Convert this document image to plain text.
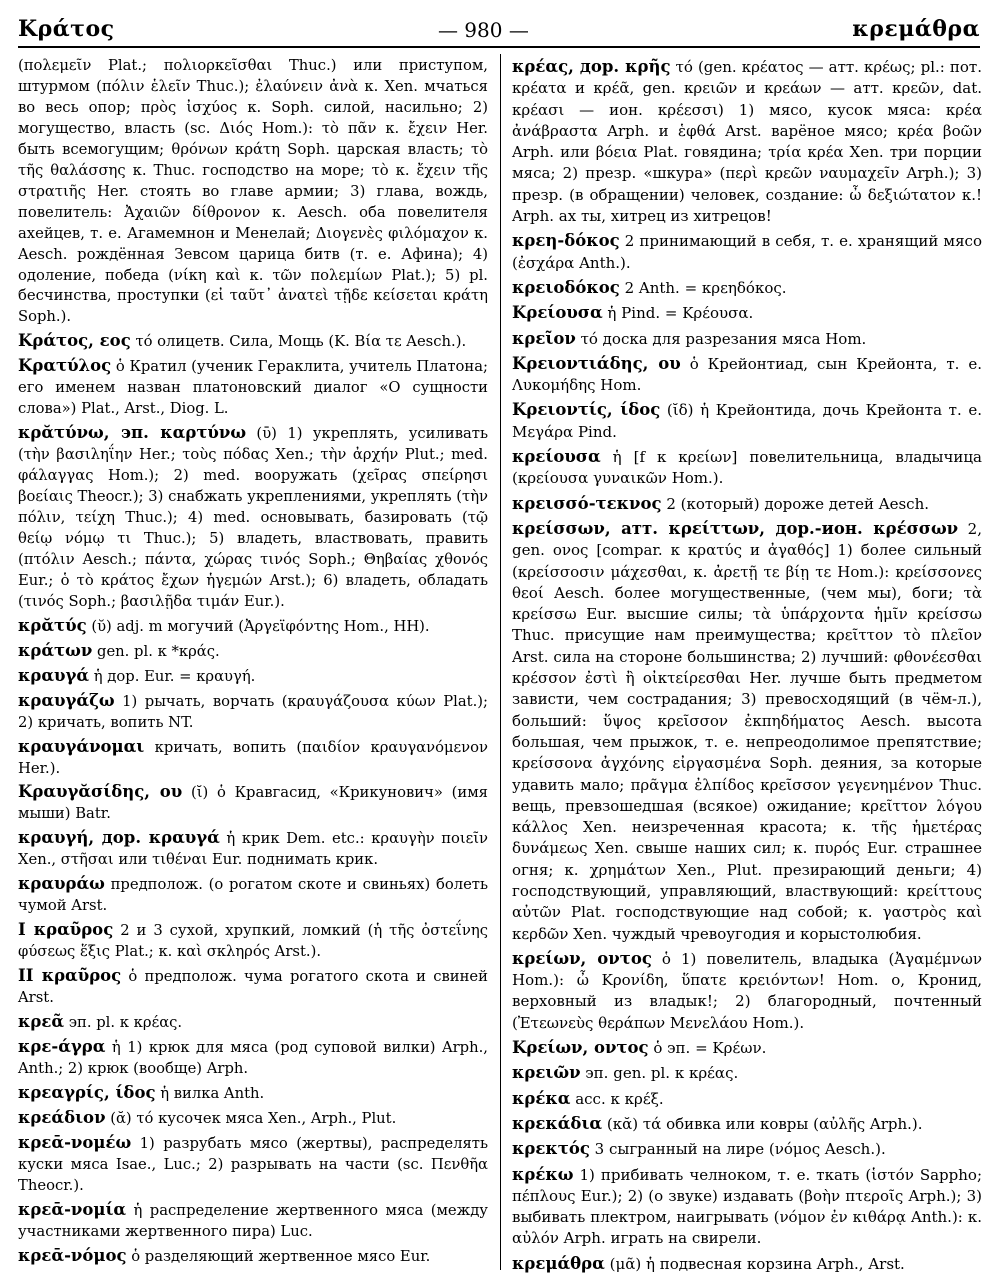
Κράτος	— 980 —	κρεμάθρα

(πολεμεῖν Plat.; πολιορκεῖσθαι Thuc.) или приступом, штурмом (πόλιν ἑλεῖν Thuc.); ἐλαύνειν ἀνὰ κ. Xen. мчаться во весь опор; πρὸς ἰσχύος κ. Soph. силой, насильно; 2) могущество, власть (sc. Διός Hom.): τὸ πᾶν κ. ἔχειν Her. быть всемогущим; θρόνων κράτη Soph. царская власть; τὸ τῆς θαλάσσης κ. Thuc. господство на море; τὸ κ. ἔχειν τῆς στρατιῆς Her. стоять во главе армии; 3) глава, вождь, повелитель: Ἀχαιῶν δίθρονον κ. Aesch. оба повелителя ахейцев, т. е. Агамемнон и Менелай; Διογενὲς φιλόμαχον κ. Aesch. рождённая Зевсом царица битв (т. е. Афина); 4) одоление, победа (νίκη καὶ κ. τῶν πολεμίων Plat.); 5) pl. бесчинства, проступки (εἰ ταῦτ᾽ ἀνατεὶ τῇδε κείσεται κράτη Soph.).

Κράτος, εος τό олицетв. Сила, Мощь (Κ. Βία τε Aesch.).

Κρατύλος ὁ Кратил (ученик Гераклита, учитель Платона; его именем назван платоновский диалог «О сущности слова») Plat., Arst., Diog. L.

κρᾰτύνω, эп. καρτύνω (ῡ) 1) укреплять, усиливать (τὴν βασιληΐην Her.; τοὺς πόδας Xen.; τὴν ἀρχήν Plut.; med. φάλαγγας Hom.); 2) med. вооружать (χεῖρας σπείρησι βοείαις Theocr.); 3) снабжать укреплениями, укреплять (τὴν πόλιν, τείχη Thuc.); 4) med. основывать, базировать (τῷ θείῳ νόμῳ τι Thuc.); 5) владеть, властвовать, править (πτόλιν Aesch.; πάντα, χώρας τινός Soph.; Θηβαίας χθονός Eur.; ὁ τὸ κράτος ἔχων ἡγεμών Arst.); 6) владеть, обладать (τινός Soph.; βασιλῇδα τιμάν Eur.).

κρᾰτύς (ῠ) adj. m могучий (Ἀργεϊφόντης Hom., HH).

κράτων gen. pl. к *κράς.

κραυγά ἡ дор. Eur. = κραυγή.

κραυγάζω 1) рычать, ворчать (κραυγάζουσα κύων Plat.); 2) кричать, вопить NT.

κραυγάνομαι кричать, вопить (παιδίον κραυγανόμενον Her.).

Κραυγᾰσίδης, ου (ῐ) ὁ Кравгасид, «Крикунович» (имя мыши) Batr.

κραυγή, дор. κραυγά ἡ крик Dem. etc.: κραυγὴν ποιεῖν Xen., στῆσαι или τιθέναι Eur. поднимать крик.

κραυράω предполож. (о рогатом скоте и свиньях) болеть чумой Arst.

I κραῦρος 2 и 3 сухой, хрупкий, ломкий (ἡ τῆς ὀστεΐνης φύσεως ἕξις Plat.; κ. καὶ σκληρός Arst.).

II κραῦρος ὁ предполож. чума рогатого скота и свиней Arst.

κρεᾶ эп. pl. к κρέας.

κρε-άγρα ἡ 1) крюк для мяса (род суповой вилки) Arph., Anth.; 2) крюк (вообще) Arph.

κρεαγρίς, ίδος ἡ вилка Anth.

κρεάδιον (ᾰ) τό кусочек мяса Xen., Arph., Plut.

κρεᾱ-νομέω 1) разрубать мясо (жертвы), распределять куски мяса Isae., Luc.; 2) разрывать на части (sc. Πενθῆα Theocr.).

κρεᾱ-νομία ἡ распределение жертвенного мяса (между участниками жертвенного пира) Luc.

κρεᾱ-νόμος ὁ разделяющий жертвенное мясо Eur.

κρέας, дор. κρῆς τό (gen. κρέατος — атт. κρέως; pl.: пот. κρέατα и κρέᾶ, gen. κρειῶν и κρεάων — атт. κρεῶν, dat. κρέασι — ион. κρέεσσι) 1) мясо, кусок мяса: κρέα ἀνάβραστα Arph. и ἑφθά Arst. варёное мясо; κρέα βοῶν Arph. или βόεια Plat. говядина; τρία κρέα Xen. три порции мяса; 2) презр. «шкура» (περὶ κρεῶν ναυμαχεῖν Arph.); 3) презр. (в обращении) человек, создание: ὦ δεξιώτατον κ.! Arph. ах ты, хитрец из хитрецов!

κρεη-δόκος 2 принимающий в себя, т. е. хранящий мясо (ἐσχάρα Anth.).

κρειοδόκος 2 Anth. = κρεηδόκος.

Κρείουσα ἡ Pind. = Κρέουσα.

κρεῖον τό доска для разрезания мяса Hom.

Κρειοντιάδης, ου ὁ Крейонтиад, сын Крейонта, т. е. Λυκομήδης Hom.

Κρειοντίς, ίδος (ῐδ) ἡ Крейонтида, дочь Крейонта т. е. Μεγάρα Pind.

κρείουσα ἡ [f к κρείων] повелительница, владычица (κρείουσα γυναικῶν Hom.).

κρεισσό-τεκνος 2 (который) дороже детей Aesch.

κρείσσων, атт. κρείττων, дор.-ион. κρέσσων 2, gen. ονος [compar. к κρατύς и ἀγαθός] 1) более сильный (κρείσσοσιν μάχεσθαι, κ. ἀρετῇ τε βίῃ τε Hom.): κρείσσονες θεοί Aesch. более могущественные, (чем мы), боги; τὰ κρείσσω Eur. высшие силы; τὰ ὑπάρχοντα ἡμῖν κρείσσω Thuc. присущие нам преимущества; κρεῖττον τὸ πλεῖον Arst. сила на стороне большинства; 2) лучший: φθονέεσθαι κρέσσον ἐστὶ ἢ οἰκτείρεσθαι Her. лучше быть предметом зависти, чем сострадания; 3) превосходящий (в чём-л.), больший: ὕψος κρεῖσσον ἐκπηδήματος Aesch. высота большая, чем прыжок, т. е. непреодолимое препятствие; κρείσσονα ἀγχόνης εἰργασμένα Soph. деяния, за которые удавить мало; πρᾶγμα ἐλπίδος κρεῖσσον γεγενημένον Thuc. вещь, превзошедшая (всякое) ожидание; κρεῖττον λόγου κάλλος Xen. неизреченная красота; κ. τῆς ἡμετέρας δυνάμεως Xen. свыше наших сил; κ. πυρός Eur. страшнее огня; κ. χρημάτων Xen., Plut. презирающий деньги; 4) господствующий, управляющий, властвующий: κρείττους αὐτῶν Plat. господствующие над собой; κ. γαστρὸς καὶ κερδῶν Xen. чуждый чревоугодия и корыстолюбия.

κρείων, οντος ὁ 1) повелитель, владыка (Ἀγαμέμνων Hom.): ὦ Κρονίδη, ὕπατε κρειόντων! Hom. о, Кронид, верховный из владык!; 2) благородный, почтенный (Ἐτεωνεὺς θεράπων Μενελάου Hom.).

Κρείων, οντος ὁ эп. = Κρέων.

κρειῶν эп. gen. pl. к κρέας.

κρέκα acc. к κρέξ.

κρεκάδια (κᾰ) τά обивка или ковры (αὐλῆς Arph.).

κρεκτός 3 сыгранный на лире (νόμος Aesch.).

κρέκω 1) прибивать челноком, т. е. ткать (ἱστόν Sappho; πέπλους Eur.); 2) (о звуке) издавать (βοὴν πτεροῖς Arph.); 3) выбивать плектром, наигрывать (νόμον ἐν κιθάρᾳ Anth.): κ. αὐλόν Arph. играть на свирели.

κρεμάθρα (μᾶ) ἡ подвесная корзина Arph., Arst.
